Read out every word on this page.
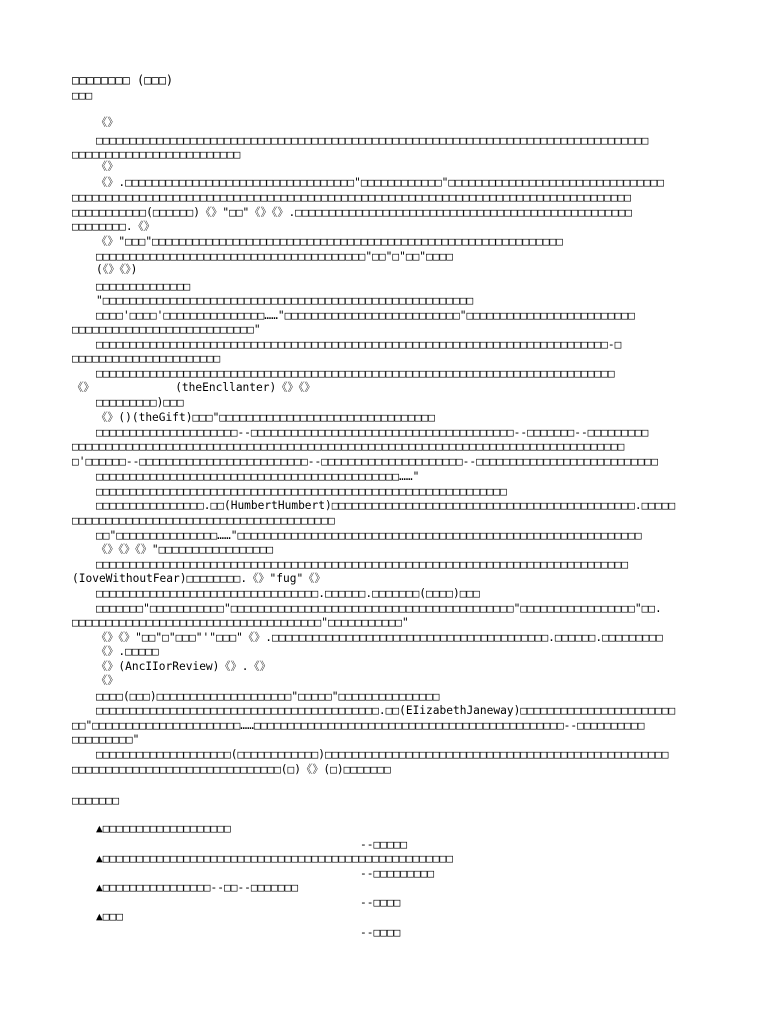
□□□□□□□□ (□□□)
□□□
《》
□□□□□□□□□□□□□□□□□□□□□□□□□□□□□□□□□□□□□□□□□□□□□□□□□□□□□□□□□□□□□□□□□□□□□□□□□□□□□□□□□□
□□□□□□□□□□□□□□□□□□□□□□□□□
《》
《》.□□□□□□□□□□□□□□□□□□□□□□□□□□□□□□□□□□"□□□□□□□□□□□□"□□□□□□□□□□□□□□□□□□□□□□□□□□□□□□□□
□□□□□□□□□□□□□□□□□□□□□□□□□□□□□□□□□□□□□□□□□□□□□□□□□□□□□□□□□□□□□□□□□□□□□□□□□□□□□□□□□□□
□□□□□□□□□□□(□□□□□□)《》"□□"《》《》.□□□□□□□□□□□□□□□□□□□□□□□□□□□□□□□□□□□□□□□□□□□□□□□□□□
□□□□□□□□.《》
《》"□□□"□□□□□□□□□□□□□□□□□□□□□□□□□□□□□□□□□□□□□□□□□□□□□□□□□□□□□□□□□□□□□
□□□□□□□□□□□□□□□□□□□□□□□□□□□□□□□□□□□□□□□□"□□"□"□□"□□□□
(《》《》)
□□□□□□□□□□□□□□
"□□□□□□□□□□□□□□□□□□□□□□□□□□□□□□□□□□□□□□□□□□□□□□□□□□□□□□□
□□□□'□□□□'□□□□□□□□□□□□□□□……"□□□□□□□□□□□□□□□□□□□□□□□□□□"□□□□□□□□□□□□□□□□□□□□□□□□□
□□□□□□□□□□□□□□□□□□□□□□□□□□□"
□□□□□□□□□□□□□□□□□□□□□□□□□□□□□□□□□□□□□□□□□□□□□□□□□□□□□□□□□□□□□□□□□□□□□□□□□□□□-□
□□□□□□□□□□□□□□□□□□□□□□
□□□□□□□□□□□□□□□□□□□□□□□□□□□□□□□□□□□□□□□□□□□□□□□□□□□□□□□□□□□□□□□□□□□□□□□□□□□□□
《》            (theEncllanter)《》《》
□□□□□□□□□)□□□
《》()(theGift)□□□"□□□□□□□□□□□□□□□□□□□□□□□□□□□□□□□□
□□□□□□□□□□□□□□□□□□□□□--□□□□□□□□□□□□□□□□□□□□□□□□□□□□□□□□□□□□□□□--□□□□□□□--□□□□□□□□□
□□□□□□□□□□□□□□□□□□□□□□□□□□□□□□□□□□□□□□□□□□□□□□□□□□□□□□□□□□□□□□□□□□□□□□□□□□□□□□□□□□
□'□□□□□□--□□□□□□□□□□□□□□□□□□□□□□□□□--□□□□□□□□□□□□□□□□□□□□□--□□□□□□□□□□□□□□□□□□□□□□□□□□□
□□□□□□□□□□□□□□□□□□□□□□□□□□□□□□□□□□□□□□□□□□□□□……"
□□□□□□□□□□□□□□□□□□□□□□□□□□□□□□□□□□□□□□□□□□□□□□□□□□□□□□□□□□□□□
□□□□□□□□□□□□□□□□.□□(HumbertHumbert)□□□□□□□□□□□□□□□□□□□□□□□□□□□□□□□□□□□□□□□□□□□□□.□□□□□
□□□□□□□□□□□□□□□□□□□□□□□□□□□□□□□□□□□□□□□
□□"□□□□□□□□□□□□□□□……"□□□□□□□□□□□□□□□□□□□□□□□□□□□□□□□□□□□□□□□□□□□□□□□□□□□□□□□□□□□□
《》《》《》"□□□□□□□□□□□□□□□□□
□□□□□□□□□□□□□□□□□□□□□□□□□□□□□□□□□□□□□□□□□□□□□□□□□□□□□□□□□□□□□□□□□□□□□□□□□□□□□□□
(IoveWithoutFear)□□□□□□□□.《》"fug"《》
□□□□□□□□□□□□□□□□□□□□□□□□□□□□□□□□□.□□□□□□.□□□□□□□(□□□□)□□□
□□□□□□□"□□□□□□□□□□□"□□□□□□□□□□□□□□□□□□□□□□□□□□□□□□□□□□□□□□□□□□"□□□□□□□□□□□□□□□□□"□□.
□□□□□□□□□□□□□□□□□□□□□□□□□□□□□□□□□□□□□"□□□□□□□□□□□"
《》《》"□□"□"□□□"'"□□□"《》.□□□□□□□□□□□□□□□□□□□□□□□□□□□□□□□□□□□□□□□□□.□□□□□□.□□□□□□□□□
《》.□□□□□
《》(AncIIorReview)《》.《》
《》
□□□□(□□□)□□□□□□□□□□□□□□□□□□□□"□□□□□"□□□□□□□□□□□□□□□
□□□□□□□□□□□□□□□□□□□□□□□□□□□□□□□□□□□□□□□□□□.□□(EIizabethJaneway)□□□□□□□□□□□□□□□□□□□□□□□
□□"□□□□□□□□□□□□□□□□□□□□□□……□□□□□□□□□□□□□□□□□□□□□□□□□□□□□□□□□□□□□□□□□□□□□□--□□□□□□□□□□
□□□□□□□□□"
□□□□□□□□□□□□□□□□□□□□(□□□□□□□□□□□□)□□□□□□□□□□□□□□□□□□□□□□□□□□□□□□□□□□□□□□□□□□□□□□□□□□□
□□□□□□□□□□□□□□□□□□□□□□□□□□□□□□□(□)《》(□)□□□□□□□
□□□□□□□
▲□□□□□□□□□□□□□□□□□□□
--□□□□□
▲□□□□□□□□□□□□□□□□□□□□□□□□□□□□□□□□□□□□□□□□□□□□□□□□□□□□
--□□□□□□□□□
▲□□□□□□□□□□□□□□□□--□□--□□□□□□□
--□□□□
▲□□□
--□□□□
